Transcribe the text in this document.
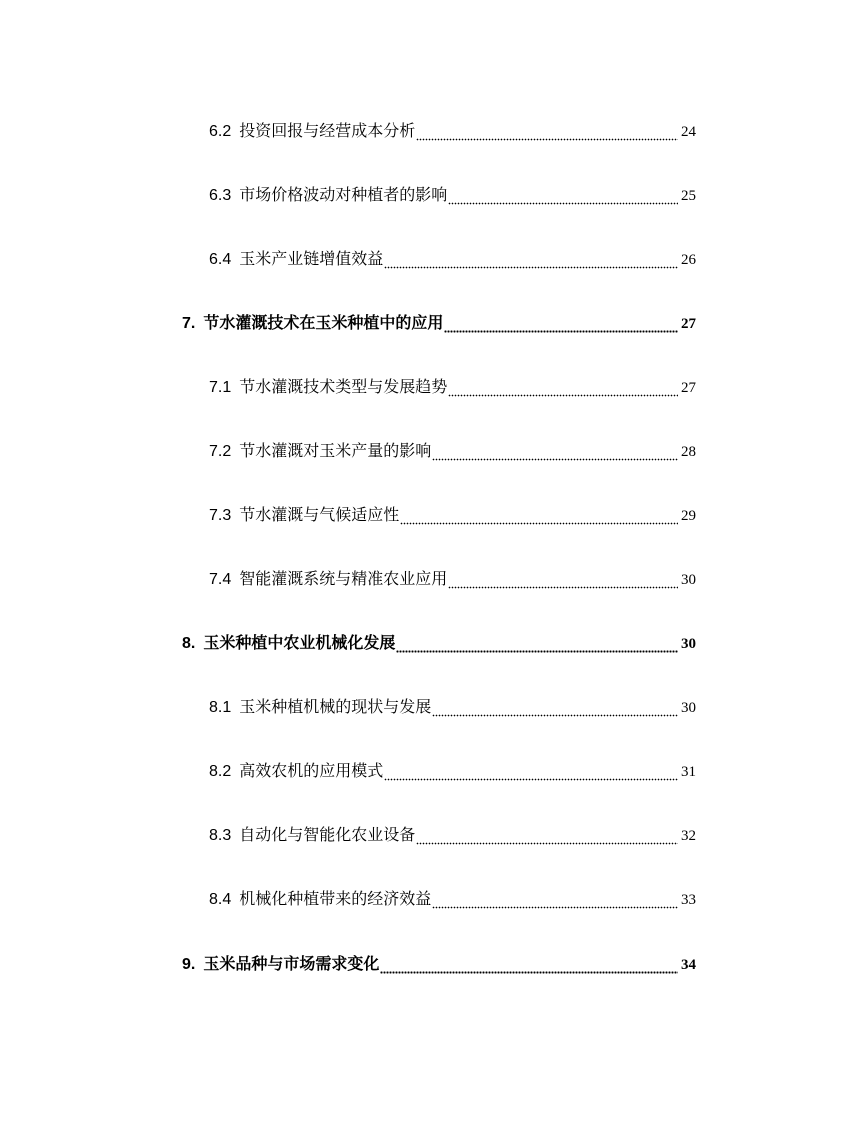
6.2 投资回报与经营成本分析	24
6.3 市场价格波动对种植者的影响	25
6.4 玉米产业链增值效益	26
7. 节水灌溉技术在玉米种植中的应用	27
7.1 节水灌溉技术类型与发展趋势	27
7.2 节水灌溉对玉米产量的影响	28
7.3 节水灌溉与气候适应性	29
7.4 智能灌溉系统与精准农业应用	30
8. 玉米种植中农业机械化发展	30
8.1 玉米种植机械的现状与发展	30
8.2 高效农机的应用模式	31
8.3 自动化与智能化农业设备	32
8.4 机械化种植带来的经济效益	33
9. 玉米品种与市场需求变化	34
